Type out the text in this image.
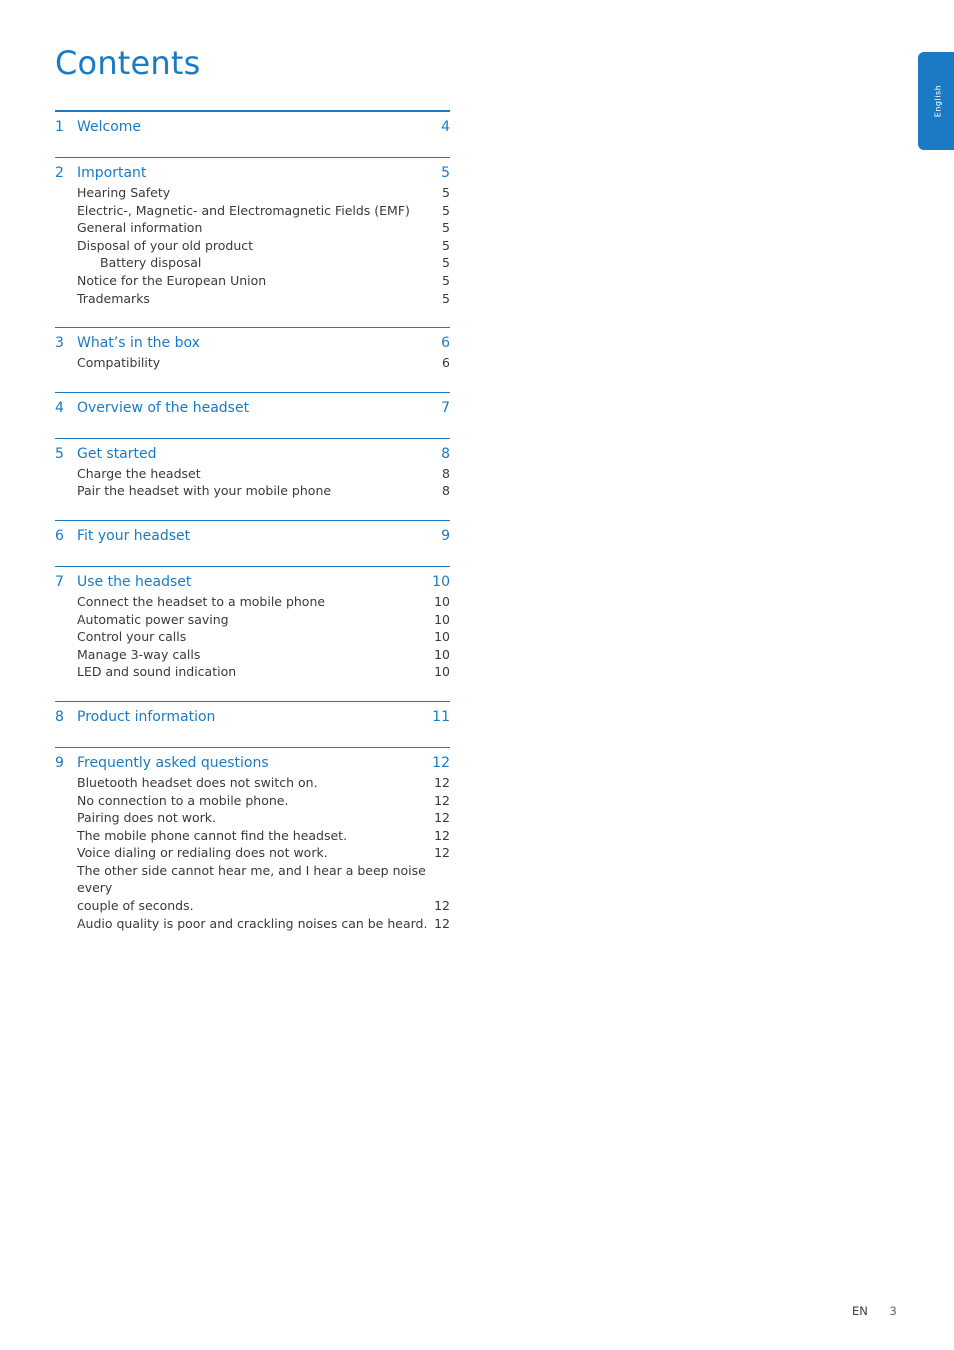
Contents
English
1 Welcome	4
2 Important	5
Hearing Safety	5
Electric-, Magnetic- and Electromagnetic Fields (EMF)	5
General information	5
Disposal of your old product	5
Battery disposal	5
Notice for the European Union	5
Trademarks	5
3 What’s in the box	6
Compatibility	6
4 Overview of the headset	7
5 Get started	8
Charge the headset	8
Pair the headset with your mobile phone	8
6 Fit your headset	9
7 Use the headset	10
Connect the headset to a mobile phone	10
Automatic power saving	10
Control your calls	10
Manage 3-way calls	10
LED and sound indication	10
8 Product information	11
9 Frequently asked questions	12
Bluetooth headset does not switch on.	12
No connection to a mobile phone.	12
Pairing does not work.	12
The mobile phone cannot find the headset.	12
Voice dialing or redialing does not work.	12
The other side cannot hear me, and I hear a beep noise every
couple of seconds.	12
Audio quality is poor and crackling noises can be heard. 12
EN 3
